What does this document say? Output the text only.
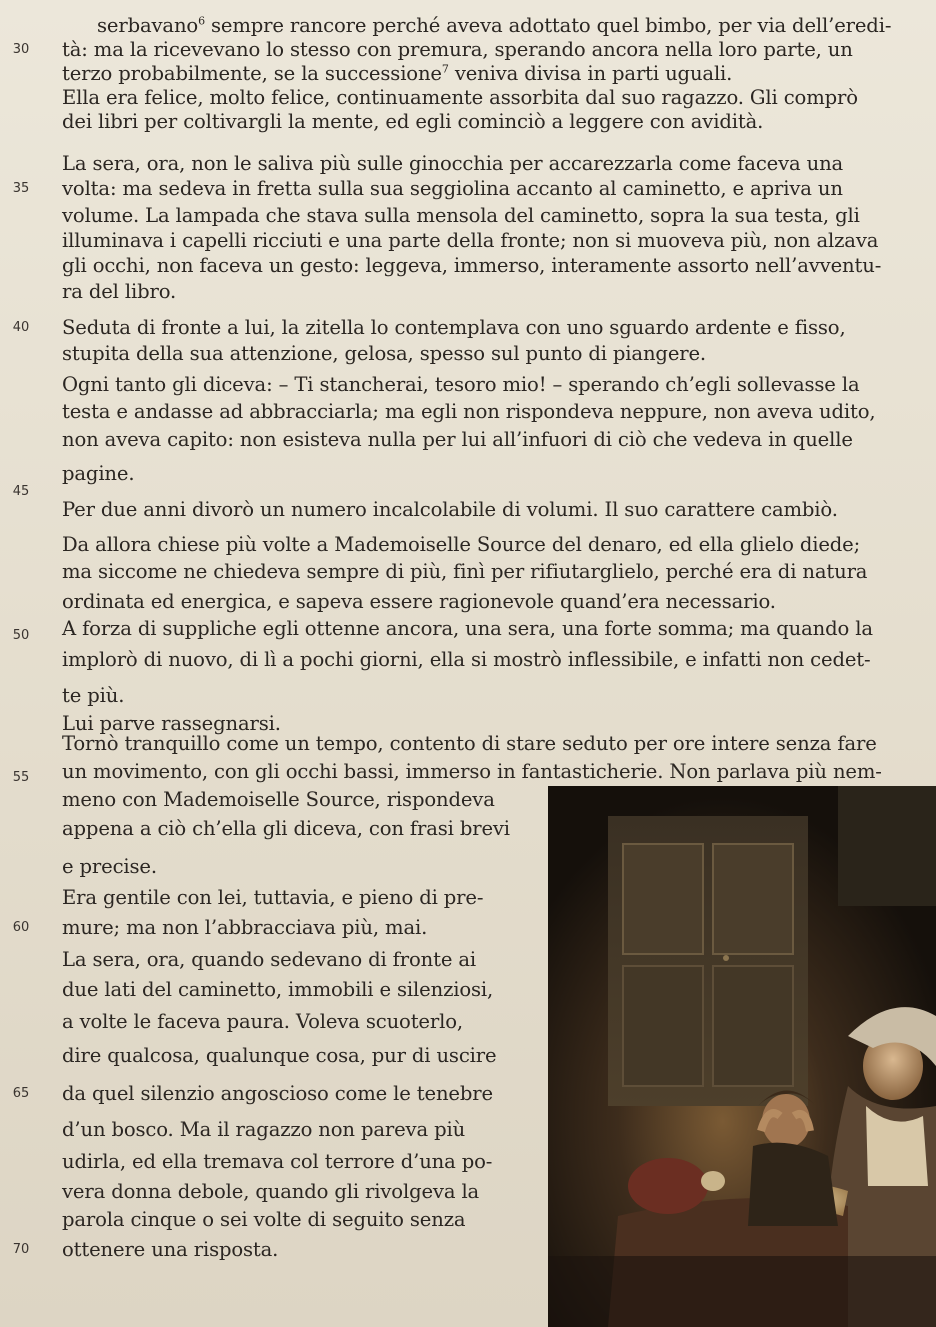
30
35
40
45
50
55
60
65
70
serbavano$^6$ sempre rancore perché aveva adottato quel bimbo, per via dell’eredi-
tà: ma la ricevevano lo stesso con premura, sperando ancora nella loro parte, un
terzo probabilmente, se la successione$^7$ veniva divisa in parti uguali.
Ella era felice, molto felice, continuamente assorbita dal suo ragazzo. Gli comprò
dei libri per coltivargli la mente, ed egli cominciò a leggere con avidità.
La sera, ora, non le saliva più sulle ginocchia per accarezzarla come faceva una
volta: ma sedeva in fretta sulla sua seggiolina accanto al caminetto, e apriva un
volume. La lampada che stava sulla mensola del caminetto, sopra la sua testa, gli
illuminava i capelli ricciuti e una parte della fronte; non si muoveva più, non alzava
gli occhi, non faceva un gesto: leggeva, immerso, interamente assorto nell’avventu-
ra del libro.
Seduta di fronte a lui, la zitella lo contemplava con uno sguardo ardente e fisso,
stupita della sua attenzione, gelosa, spesso sul punto di piangere.
Ogni tanto gli diceva: – Ti stancherai, tesoro mio! – sperando ch’egli sollevasse la
testa e andasse ad abbracciarla; ma egli non rispondeva neppure, non aveva udito,
non aveva capito: non esisteva nulla per lui all’infuori di ciò che vedeva in quelle
pagine.
Per due anni divorò un numero incalcolabile di volumi. Il suo carattere cambiò.
Da allora chiese più volte a Mademoiselle Source del denaro, ed ella glielo diede;
ma siccome ne chiedeva sempre di più, finì per rifiutarglielo, perché era di natura
ordinata ed energica, e sapeva essere ragionevole quand’era necessario.
A forza di suppliche egli ottenne ancora, una sera, una forte somma; ma quando la
implorò di nuovo, di lì a pochi giorni, ella si mostrò inflessibile, e infatti non cedet-
te più.
Lui parve rassegnarsi.
Tornò tranquillo come un tempo, contento di stare seduto per ore intere senza fare
un movimento, con gli occhi bassi, immerso in fantasticherie. Non parlava più nem-
meno con Mademoiselle Source, rispondeva
appena a ciò ch’ella gli diceva, con frasi brevi
e precise.
Era gentile con lei, tuttavia, e pieno di pre-
mure; ma non l’abbracciava più, mai.
La sera, ora, quando sedevano di fronte ai
due lati del caminetto, immobili e silenziosi,
a volte le faceva paura. Voleva scuoterlo,
dire qualcosa, qualunque cosa, pur di uscire
da quel silenzio angoscioso come le tenebre
d’un bosco. Ma il ragazzo non pareva più
udirla, ed ella tremava col terrore d’una po-
vera donna debole, quando gli rivolgeva la
parola cinque o sei volte di seguito senza
ottenere una risposta.
